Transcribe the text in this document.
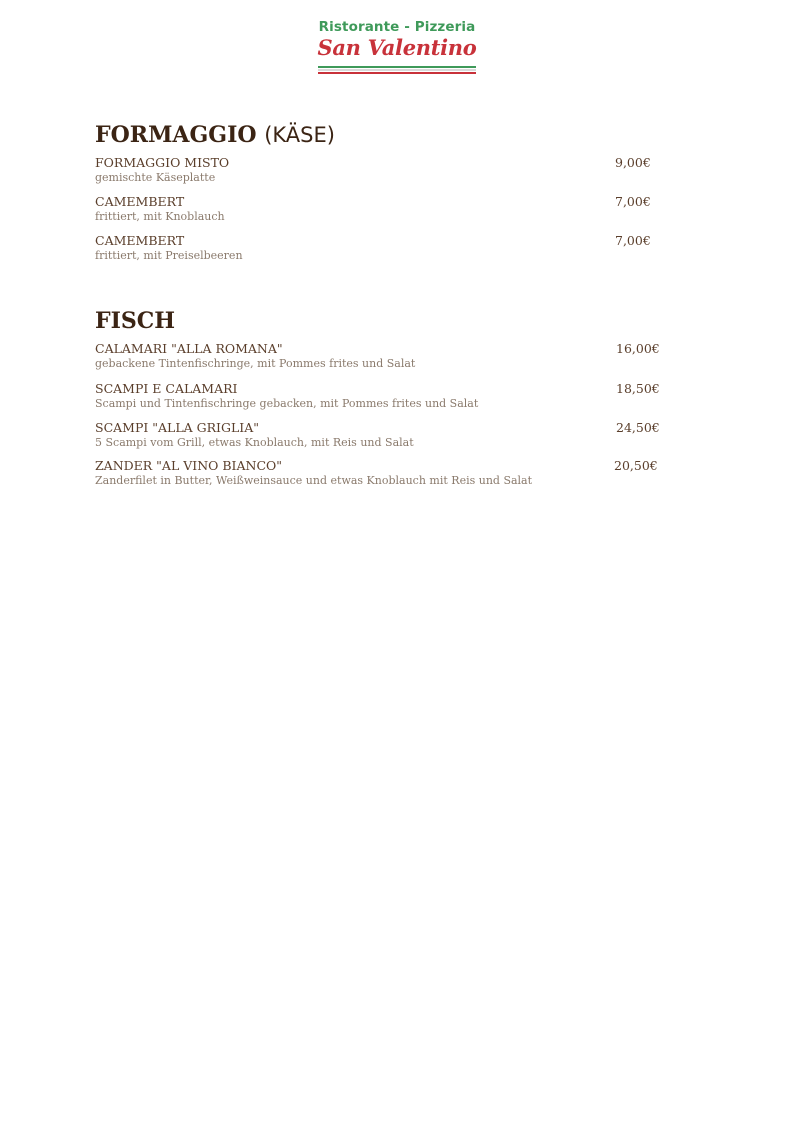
Ristorante - Pizzeria
San Valentino
FORMAGGIO (KÄSE)
FORMAGGIO MISTO
gemischte Käseplatte
9,00€
CAMEMBERT
frittiert, mit Knoblauch
7,00€
CAMEMBERT
frittiert, mit Preiselbeeren
7,00€
FISCH
CALAMARI "ALLA ROMANA"
gebackene Tintenfischringe, mit Pommes frites und Salat
16,00€
SCAMPI E CALAMARI
Scampi und Tintenfischringe gebacken, mit Pommes frites und Salat
18,50€
SCAMPI "ALLA GRIGLIA"
5 Scampi vom Grill, etwas Knoblauch, mit Reis und Salat
24,50€
ZANDER "AL VINO BIANCO"
Zanderfilet in Butter, Weißweinsauce und etwas Knoblauch mit Reis und Salat
20,50€
